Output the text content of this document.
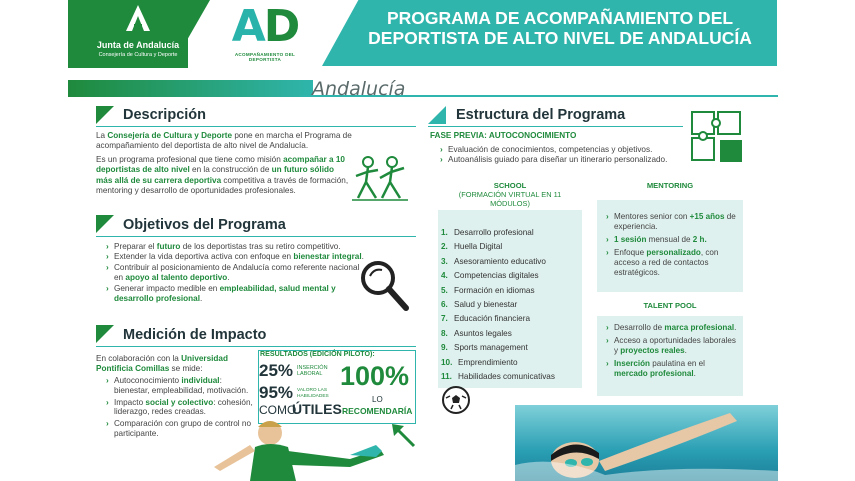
Junta de Andalucía
Consejería de Cultura y Deporte
AD
ACOMPAÑAMIENTO DEL DEPORTISTA
PROGRAMA DE ACOMPAÑAMIENTO DEL
DEPORTISTA DE ALTO NIVEL DE ANDALUCÍA
Andalucía
Descripción
La Consejería de Cultura y Deporte pone en marcha el Programa de acompañamiento del deportista de alto nivel de Andalucía.
Es un programa profesional que tiene como misión acompañar a 10 deportistas de alto nivel en la construcción de un futuro sólido más allá de su carrera deportiva competitiva a través de formación, mentoring y desarrollo de oportunidades profesionales.
Objetivos del Programa
› Preparar el futuro de los deportistas tras su retiro competitivo.
› Extender la vida deportiva activa con enfoque en bienestar integral.
› Contribuir al posicionamiento de Andalucía como referente nacional en apoyo al talento deportivo.
› Generar impacto medible en empleabilidad, salud mental y desarrollo profesional.
Medición de Impacto
En colaboración con la Universidad Pontificia Comillas se mide:
› Autoconocimiento individual: bienestar, empleabilidad, motivación.
› Impacto social y colectivo: cohesión, liderazgo, redes creadas.
› Comparación con grupo de control no participante.
RESULTADOS (EDICIÓN PILOTO):
25% INSERCIÓN
LABORAL
95% VALORO LAS
HABILIDADES
COMO
ÚTILES
100%
LO
RECOMENDARÍA
Estructura del Programa
FASE PREVIA: AUTOCONOCIMIENTO
› Evaluación de conocimientos, competencias y objetivos.
› Autoanálisis guiado para diseñar un itinerario personalizado.
SCHOOL
(FORMACIÓN VIRTUAL EN 11 MÓDULOS)
1. Desarrollo profesional
2. Huella Digital
3. Asesoramiento educativo
4. Competencias digitales
5. Formación en idiomas
6. Salud y bienestar
7. Educación financiera
8. Asuntos legales
9. Sports management
10. Emprendimiento
11. Habilidades comunicativas
MENTORING
› Mentores senior con +15 años de experiencia.
› 1 sesión mensual de 2 h.
› Enfoque personalizado, con acceso a red de contactos estratégicos.
TALENT POOL
› Desarrollo de marca profesional.
› Acceso a oportunidades laborales y proyectos reales.
› Inserción paulatina en el mercado profesional.
